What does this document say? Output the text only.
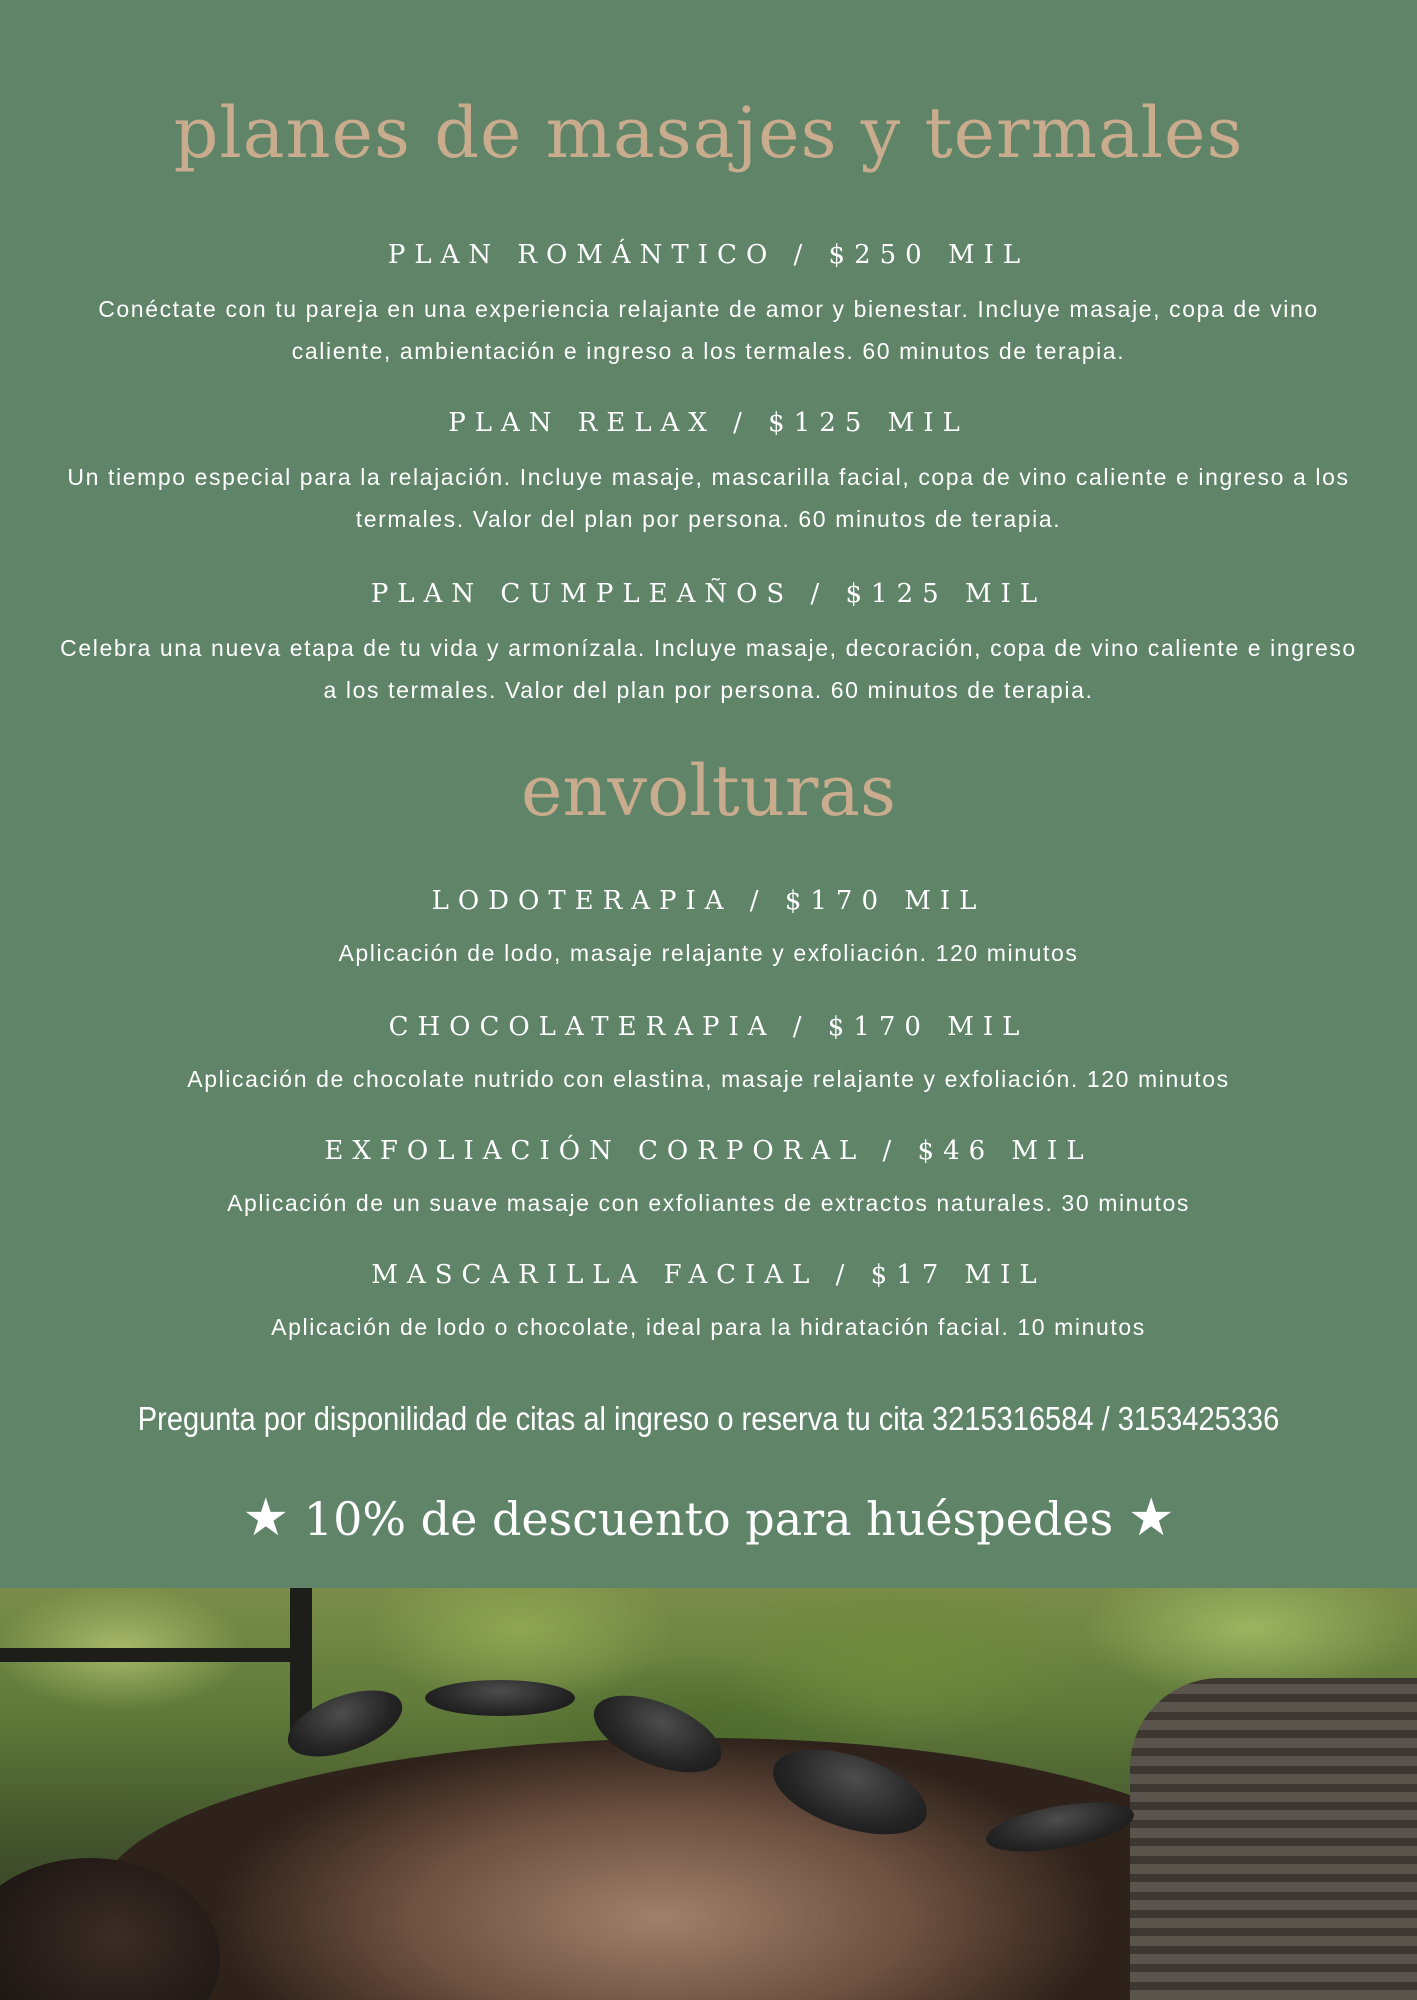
planes de masajes y termales
PLAN ROMÁNTICO / $250 MIL
Conéctate con tu pareja en una experiencia relajante de amor y bienestar. Incluye masaje, copa de vino caliente, ambientación e ingreso a los termales. 60 minutos de terapia.
PLAN RELAX / $125 MIL
Un tiempo especial para la relajación. Incluye masaje, mascarilla facial, copa de vino caliente e ingreso a los termales. Valor del plan por persona. 60 minutos de terapia.
PLAN CUMPLEAÑOS / $125 MIL
Celebra una nueva etapa de tu vida y armonízala. Incluye masaje, decoración, copa de vino caliente e ingreso a los termales. Valor del plan por persona. 60 minutos de terapia.
envolturas
LODOTERAPIA / $170 MIL
Aplicación de lodo, masaje relajante y exfoliación. 120 minutos
CHOCOLATERAPIA / $170 MIL
Aplicación de chocolate nutrido con elastina, masaje relajante y exfoliación. 120 minutos
EXFOLIACIÓN CORPORAL / $46 MIL
Aplicación de un suave masaje con exfoliantes de extractos naturales. 30 minutos
MASCARILLA FACIAL / $17 MIL
Aplicación de lodo o chocolate, ideal para la hidratación facial. 10 minutos
Pregunta por disponilidad de citas al ingreso o reserva tu cita 3215316584 / 3153425336
★ 10% de descuento para huéspedes ★
